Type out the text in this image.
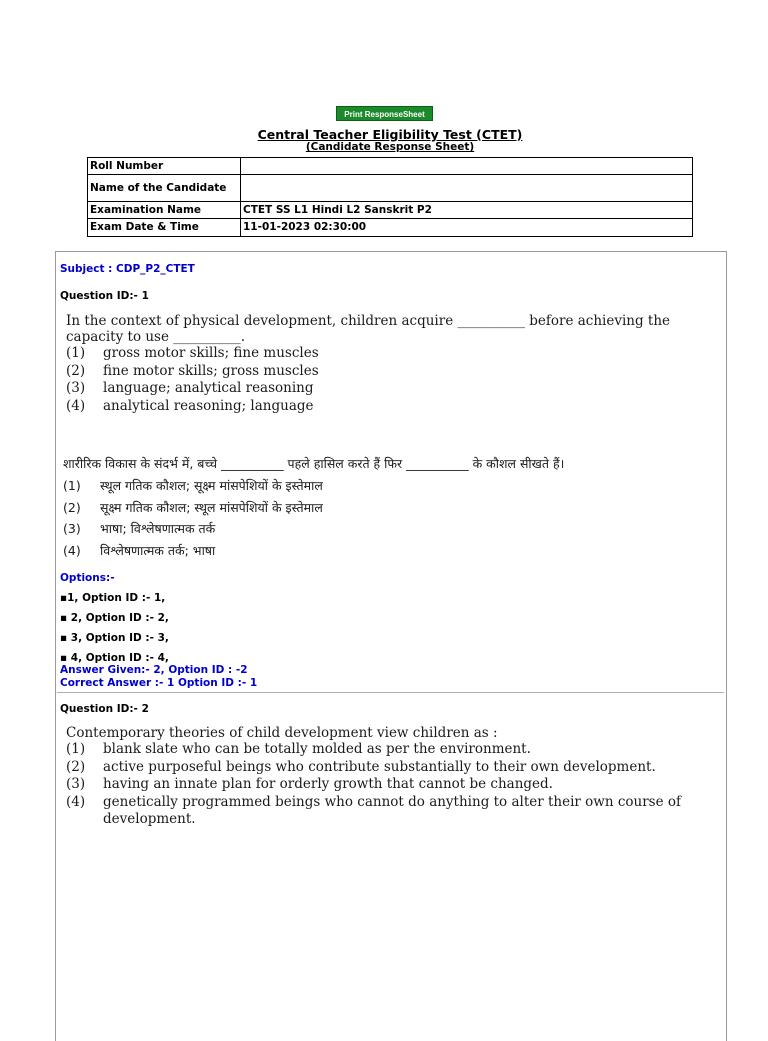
Print ResponseSheet
Central Teacher Eligibility Test (CTET)
(Candidate Response Sheet)
Roll Number	
Name of the Candidate	
Examination Name	CTET SS L1 Hindi L2 Sanskrit P2
Exam Date & Time	11-01-2023 02:30:00
Subject : CDP_P2_CTET
Question ID:- 1
In the context of physical development, children acquire __________ before achieving the capacity to use __________.
(1)	gross motor skills; fine muscles
(2)	fine motor skills; gross muscles
(3)	language; analytical reasoning
(4)	analytical reasoning; language
शारीरिक विकास के संदर्भ में, बच्चे __________ पहले हासिल करते हैं फिर __________ के कौशल सीखते हैं।
(1)	स्थूल गतिक कौशल; सूक्ष्म मांसपेशियों के इस्तेमाल
(2)	सूक्ष्म गतिक कौशल; स्थूल मांसपेशियों के इस्तेमाल
(3)	भाषा; विश्लेषणात्मक तर्क
(4)	विश्लेषणात्मक तर्क; भाषा
Options:-
▪1, Option ID :- 1,
▪ 2, Option ID :- 2,
▪ 3, Option ID :- 3,
▪ 4, Option ID :- 4,
Answer Given:- 2, Option ID : -2
Correct Answer :- 1 Option ID :- 1
Question ID:- 2
Contemporary theories of child development view children as :
(1)	blank slate who can be totally molded as per the environment.
(2)	active purposeful beings who contribute substantially to their own development.
(3)	having an innate plan for orderly growth that cannot be changed.
(4)	genetically programmed beings who cannot do anything to alter their own course of development.
